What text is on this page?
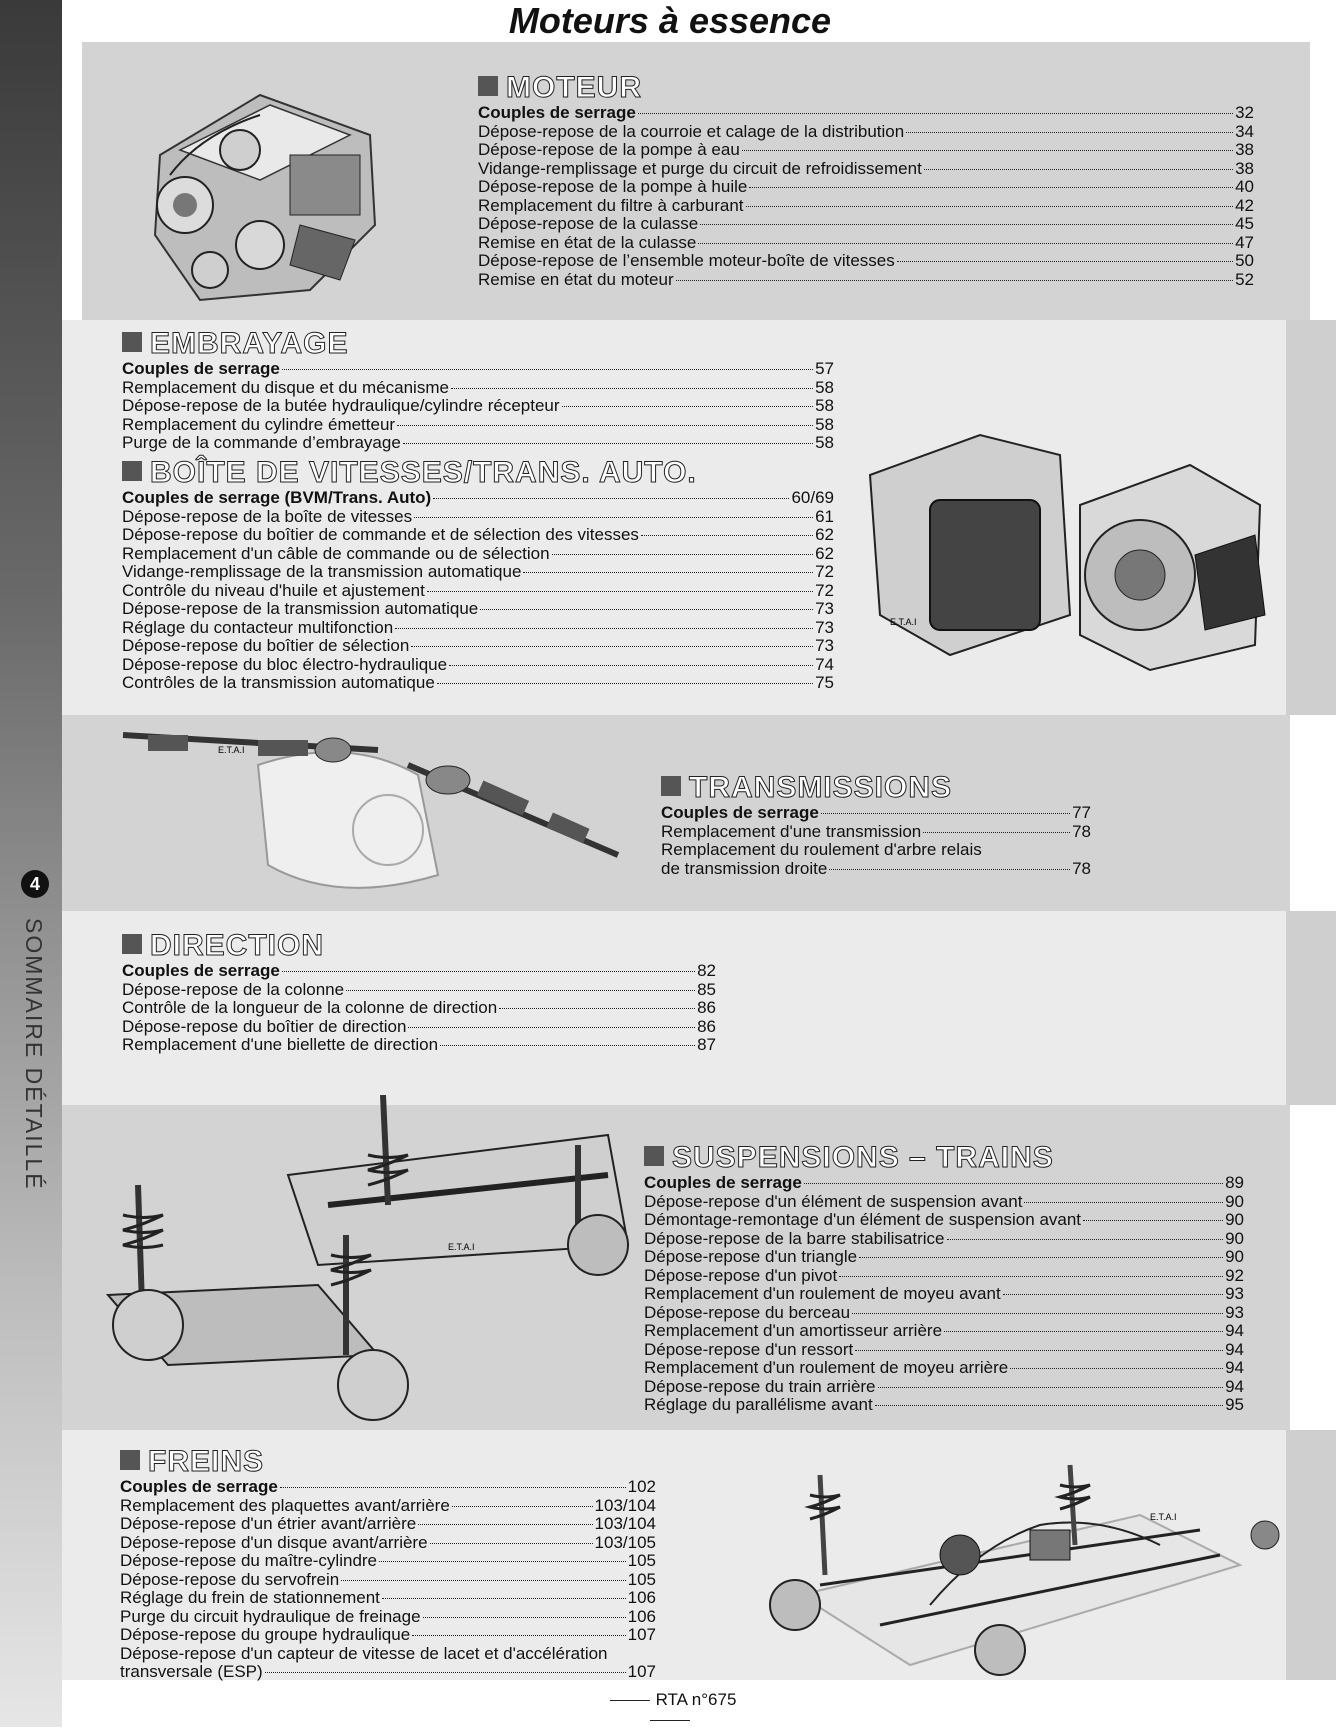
4
SOMMAIRE DÉTAILLÉ
Moteurs à essence
MOTEUR
Couples de serrage	32
Dépose-repose de la courroie et calage de la distribution	34
Dépose-repose de la pompe à eau	38
Vidange-remplissage et purge du circuit de refroidissement	38
Dépose-repose de la pompe à huile	40
Remplacement du filtre à carburant	42
Dépose-repose de la culasse	45
Remise en état de la culasse	47
Dépose-repose de l’ensemble moteur-boîte de vitesses	50
Remise en état du moteur	52
EMBRAYAGE
Couples de serrage	57
Remplacement du disque et du mécanisme	58
Dépose-repose de la butée hydraulique/cylindre récepteur	58
Remplacement du cylindre émetteur	58
Purge de la commande d’embrayage	58
BOÎTE DE VITESSES/TRANS. AUTO.
Couples de serrage (BVM/Trans. Auto)	60/69
Dépose-repose de la boîte de vitesses	61
Dépose-repose du boîtier de commande et de sélection des vitesses	62
Remplacement d'un câble de commande ou de sélection	62
Vidange-remplissage de la transmission automatique	72
Contrôle du niveau d'huile et ajustement	72
Dépose-repose de la transmission automatique	73
Réglage du contacteur multifonction	73
Dépose-repose du boîtier de sélection	73
Dépose-repose du bloc électro-hydraulique	74
Contrôles de la transmission automatique	75
E.T.A.I
E.T.A.I
TRANSMISSIONS
Couples de serrage	77
Remplacement d'une transmission	78
Remplacement du roulement d'arbre relais
de transmission droite	78
DIRECTION
Couples de serrage	82
Dépose-repose de la colonne	85
Contrôle de la longueur de la colonne de direction	86
Dépose-repose du boîtier de direction	86
Remplacement d'une biellette de direction	87
E.T.A.I
SUSPENSIONS – TRAINS
Couples de serrage	89
Dépose-repose d'un élément de suspension avant	90
Démontage-remontage d'un élément de suspension avant	90
Dépose-repose de la barre stabilisatrice	90
Dépose-repose d'un triangle	90
Dépose-repose d'un pivot	92
Remplacement d'un roulement de moyeu avant	93
Dépose-repose du berceau	93
Remplacement d'un amortisseur arrière	94
Dépose-repose d'un ressort	94
Remplacement d'un roulement de moyeu arrière	94
Dépose-repose du train arrière	94
Réglage du parallélisme avant	95
FREINS
Couples de serrage	102
Remplacement des plaquettes avant/arrière	103/104
Dépose-repose d'un étrier avant/arrière	103/104
Dépose-repose d'un disque avant/arrière	103/105
Dépose-repose du maître-cylindre	105
Dépose-repose du servofrein	105
Réglage du frein de stationnement	106
Purge du circuit hydraulique de freinage	106
Dépose-repose du groupe hydraulique	107
Dépose-repose d'un capteur de vitesse de lacet et d'accélération
transversale (ESP)	107
E.T.A.I
RTA n°675
